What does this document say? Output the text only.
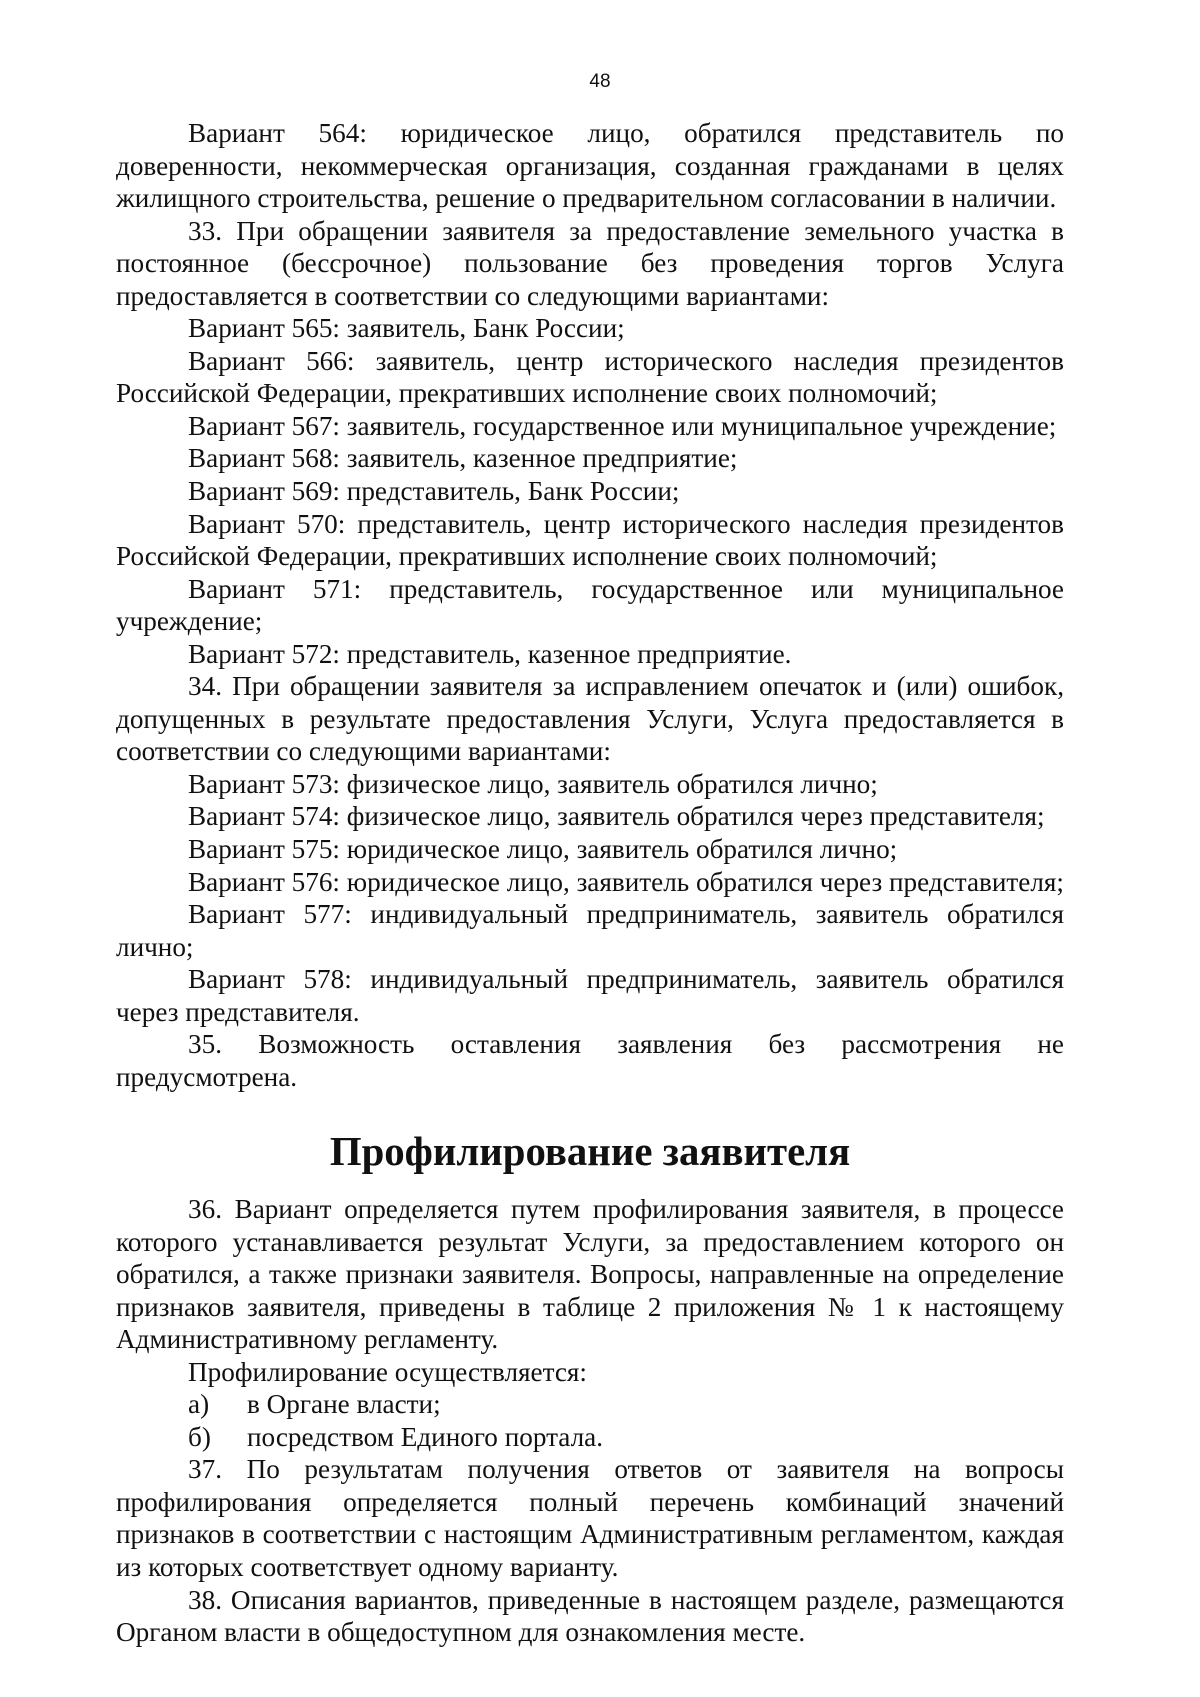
48

Вариант 564: юридическое лицо, обратился представитель по доверенности, некоммерческая организация, созданная гражданами в целях жилищного строительства, решение о предварительном согласовании в наличии.

33. При обращении заявителя за предоставление земельного участка в постоянное (бессрочное) пользование без проведения торгов Услуга предоставляется в соответствии со следующими вариантами:

Вариант 565: заявитель, Банк России;

Вариант 566: заявитель, центр исторического наследия президентов Российской Федерации, прекративших исполнение своих полномочий;

Вариант 567: заявитель, государственное или муниципальное учреждение;

Вариант 568: заявитель, казенное предприятие;

Вариант 569: представитель, Банк России;

Вариант 570: представитель, центр исторического наследия президентов Российской Федерации, прекративших исполнение своих полномочий;

Вариант 571: представитель, государственное или муниципальное учреждение;

Вариант 572: представитель, казенное предприятие.

34. При обращении заявителя за исправлением опечаток и (или) ошибок, допущенных в результате предоставления Услуги, Услуга предоставляется в соответствии со следующими вариантами:

Вариант 573: физическое лицо, заявитель обратился лично;

Вариант 574: физическое лицо, заявитель обратился через представителя;

Вариант 575: юридическое лицо, заявитель обратился лично;

Вариант 576: юридическое лицо, заявитель обратился через представителя;

Вариант 577: индивидуальный предприниматель, заявитель обратился лично;

Вариант 578: индивидуальный предприниматель, заявитель обратился через представителя.

35. Возможность оставления заявления без рассмотрения не предусмотрена.

Профилирование заявителя

36. Вариант определяется путем профилирования заявителя, в процессе которого устанавливается результат Услуги, за предоставлением которого он обратился, а также признаки заявителя. Вопросы, направленные на определение признаков заявителя, приведены в таблице 2 приложения № 1 к настоящему Административному регламенту.

Профилирование осуществляется:

а)	в Органе власти;
б)	посредством Единого портала.

37. По результатам получения ответов от заявителя на вопросы профилирования определяется полный перечень комбинаций значений признаков в соответствии с настоящим Административным регламентом, каждая из которых соответствует одному варианту.

38. Описания вариантов, приведенные в настоящем разделе, размещаются Органом власти в общедоступном для ознакомления месте.
